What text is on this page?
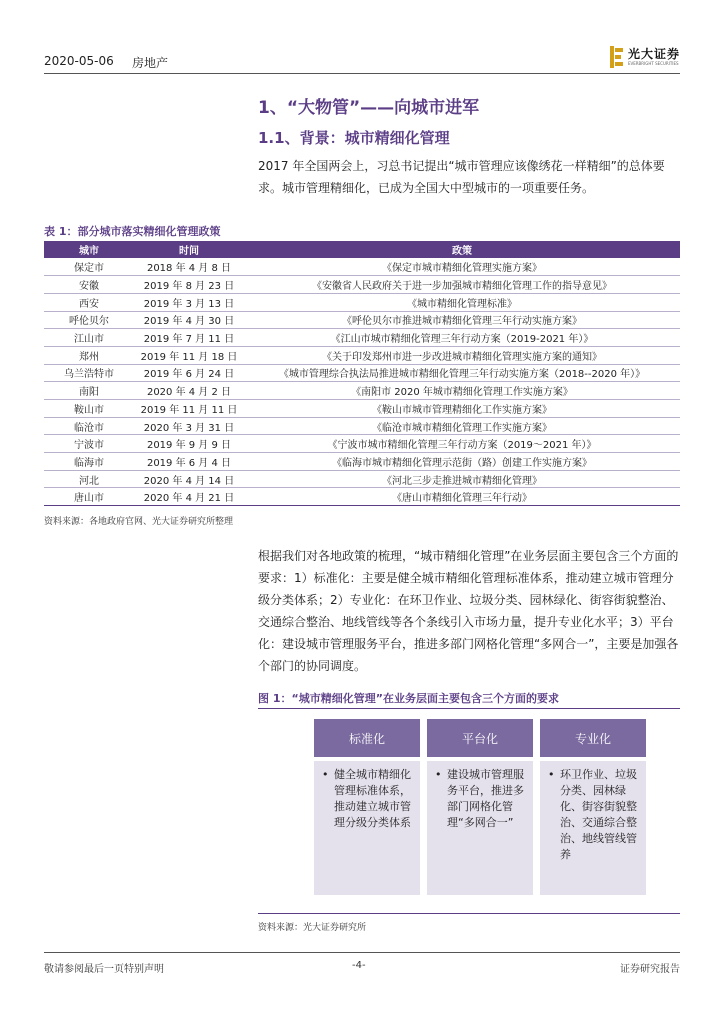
2020-05-06 房地产
光大证券
EVERBRIGHT SECURITIES
1、“大物管”——向城市进军
1.1、背景：城市精细化管理

2017 年全国两会上，习总书记提出“城市管理应该像绣花一样精细”的总体要求。城市管理精细化，已成为全国大中型城市的一项重要任务。

表 1：部分城市落实精细化管理政策
城市	时间	政策
保定市	2018 年 4 月 8 日	《保定市城市精细化管理实施方案》
安徽	2019 年 8 月 23 日	《安徽省人民政府关于进一步加强城市精细化管理工作的指导意见》
西安	2019 年 3 月 13 日	《城市精细化管理标准》
呼伦贝尔	2019 年 4 月 30 日	《呼伦贝尔市推进城市精细化管理三年行动实施方案》
江山市	2019 年 7 月 11 日	《江山市城市精细化管理三年行动方案（2019-2021 年）》
郑州	2019 年 11 月 18 日	《关于印发郑州市进一步改进城市精细化管理实施方案的通知》
乌兰浩特市	2019 年 6 月 24 日	《城市管理综合执法局推进城市精细化管理三年行动实施方案（2018--2020 年）》
南阳	2020 年 4 月 2 日	《南阳市 2020 年城市精细化管理工作实施方案》
鞍山市	2019 年 11 月 11 日	《鞍山市城市管理精细化工作实施方案》
临沧市	2020 年 3 月 31 日	《临沧市城市精细化管理工作实施方案》
宁波市	2019 年 9 月 9 日	《宁波市城市精细化管理三年行动方案（2019～2021 年）》
临海市	2019 年 6 月 4 日	《临海市城市精细化管理示范街（路）创建工作实施方案》
河北	2020 年 4 月 14 日	《河北三步走推进城市精细化管理》
唐山市	2020 年 4 月 21 日	《唐山市精细化管理三年行动》
资料来源：各地政府官网、光大证券研究所整理

根据我们对各地政策的梳理，“城市精细化管理”在业务层面主要包含三个方面的要求：1）标准化：主要是健全城市精细化管理标准体系，推动建立城市管理分级分类体系；2）专业化：在环卫作业、垃圾分类、园林绿化、街容街貌整治、交通综合整治、地线管线等各个条线引入市场力量，提升专业化水平；3）平台化：建设城市管理服务平台，推进多部门网格化管理“多网合一”，主要是加强各个部门的协同调度。

图 1：“城市精细化管理”在业务层面主要包含三个方面的要求
标准化
• 健全城市精细化管理标准体系，推动建立城市管理分级分类体系
平台化
• 建设城市管理服务平台，推进多部门网格化管理“多网合一”
专业化
• 环卫作业、垃圾分类、园林绿化、街容街貌整治、交通综合整治、地线管线管养
资料来源：光大证券研究所
敬请参阅最后一页特别声明	-4-	证券研究报告
